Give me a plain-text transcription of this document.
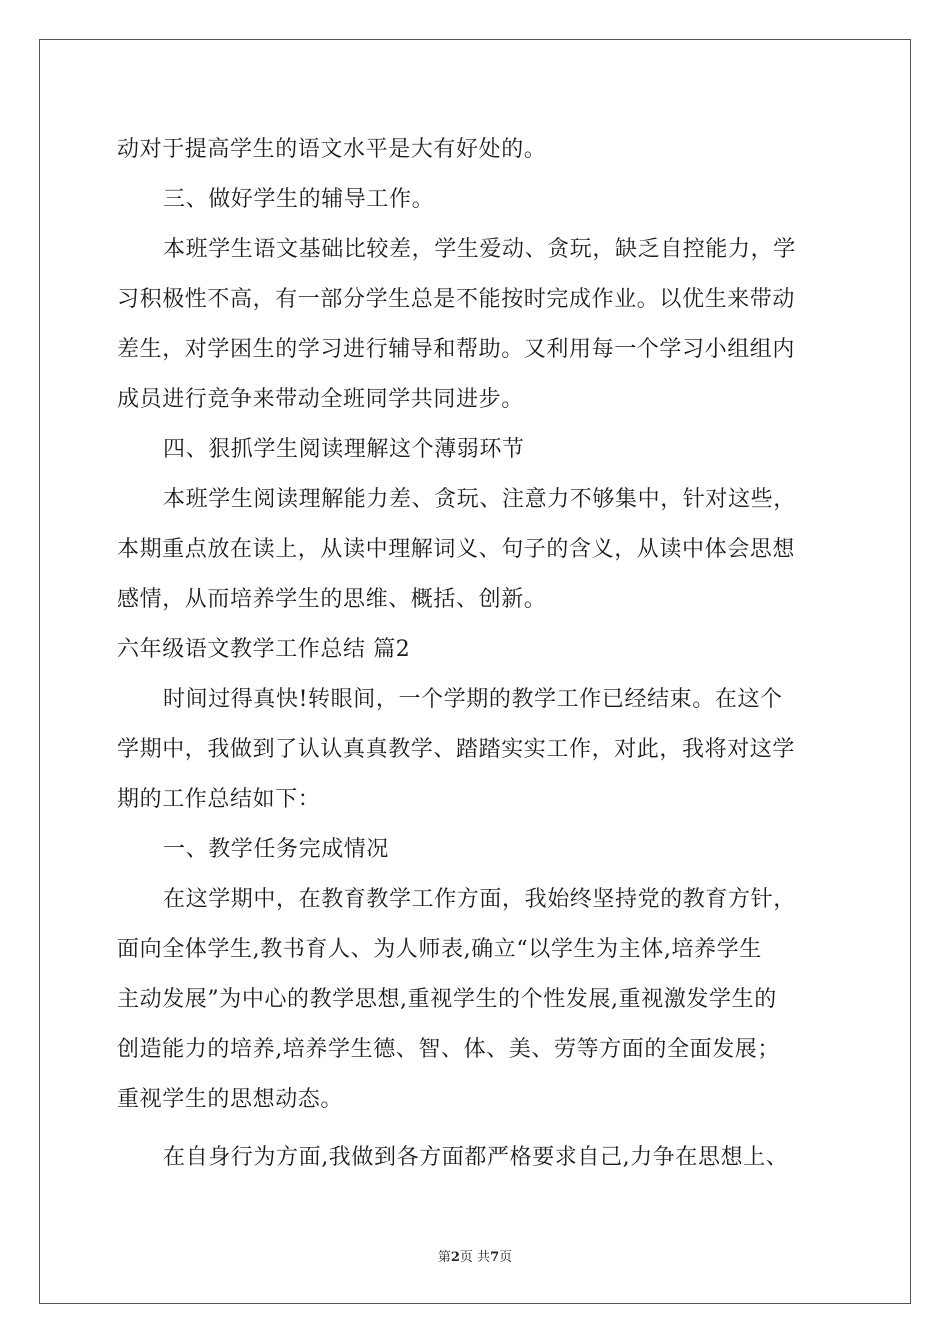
动对于提高学生的语文水平是大有好处的。
三、做好学生的辅导工作。
本班学生语文基础比较差，学生爱动、贪玩，缺乏自控能力，学
习积极性不高，有一部分学生总是不能按时完成作业。以优生来带动
差生，对学困生的学习进行辅导和帮助。又利用每一个学习小组组内
成员进行竞争来带动全班同学共同进步。
四、狠抓学生阅读理解这个薄弱环节
本班学生阅读理解能力差、贪玩、注意力不够集中，针对这些，
本期重点放在读上，从读中理解词义、句子的含义，从读中体会思想
感情，从而培养学生的思维、概括、创新。
六年级语文教学工作总结 篇2
时间过得真快!转眼间，一个学期的教学工作已经结束。在这个
学期中，我做到了认认真真教学、踏踏实实工作，对此，我将对这学
期的工作总结如下：
一、教学任务完成情况
在这学期中，在教育教学工作方面，我始终坚持党的教育方针，
面向全体学生,教书育人、为人师表,确立“以学生为主体,培养学生
主动发展”为中心的教学思想,重视学生的个性发展,重视激发学生的
创造能力的培养,培养学生德、智、体、美、劳等方面的全面发展；
重视学生的思想动态。
在自身行为方面,我做到各方面都严格要求自己,力争在思想上、
第2页 共7页
